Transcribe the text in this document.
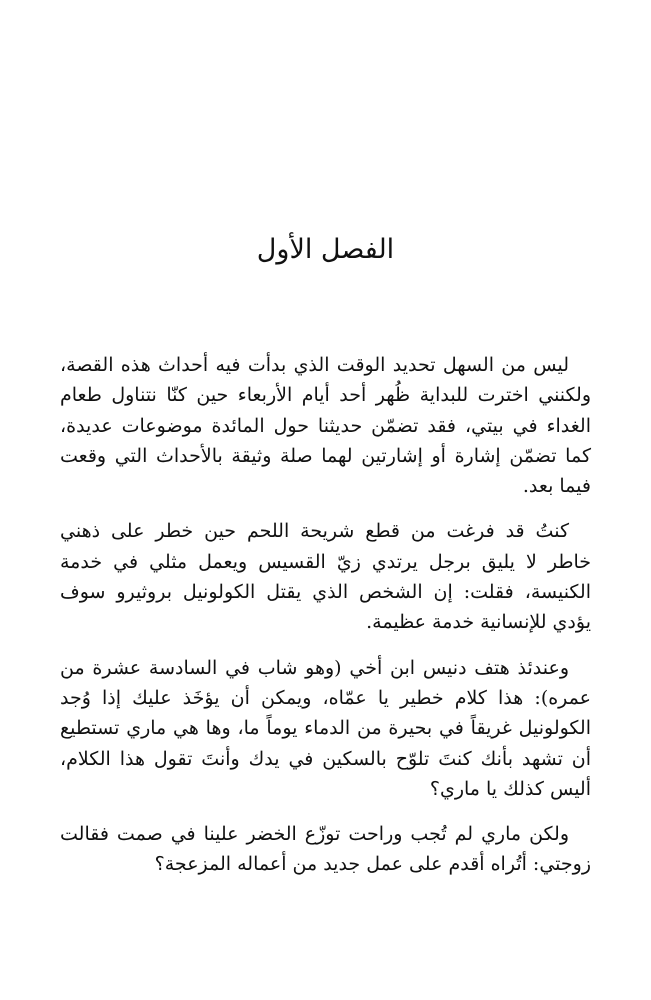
الفصل الأول

ليس من السهل تحديد الوقت الذي بدأت فيه أحداث هذه القصة، ولكنني اخترت للبداية ظُهر أحد أيام الأربعاء حين كنّا نتناول طعام الغداء في بيتي، فقد تضمّن حديثنا حول المائدة موضوعات عديدة، كما تضمّن إشارة أو إشارتين لهما صلة وثيقة بالأحداث التي وقعت فيما بعد.

كنتُ قد فرغت من قطع شريحة اللحم حين خطر على ذهني خاطر لا يليق برجل يرتدي زيّ القسيس ويعمل مثلي في خدمة الكنيسة، فقلت: إن الشخص الذي يقتل الكولونيل بروثيرو سوف يؤدي للإنسانية خدمة عظيمة.

وعندئذ هتف دنيس ابن أخي (وهو شاب في السادسة عشرة من عمره): هذا كلام خطير يا عمّاه، ويمكن أن يؤخَذ عليك إذا وُجد الكولونيل غريقاً في بحيرة من الدماء يوماً ما، وها هي ماري تستطيع أن تشهد بأنك كنتَ تلوّح بالسكين في يدك وأنتَ تقول هذا الكلام، أليس كذلك يا ماري؟

ولكن ماري لم تُجب وراحت توزّع الخضر علينا في صمت فقالت زوجتي: أتُراه أقدم على عمل جديد من أعماله المزعجة؟
